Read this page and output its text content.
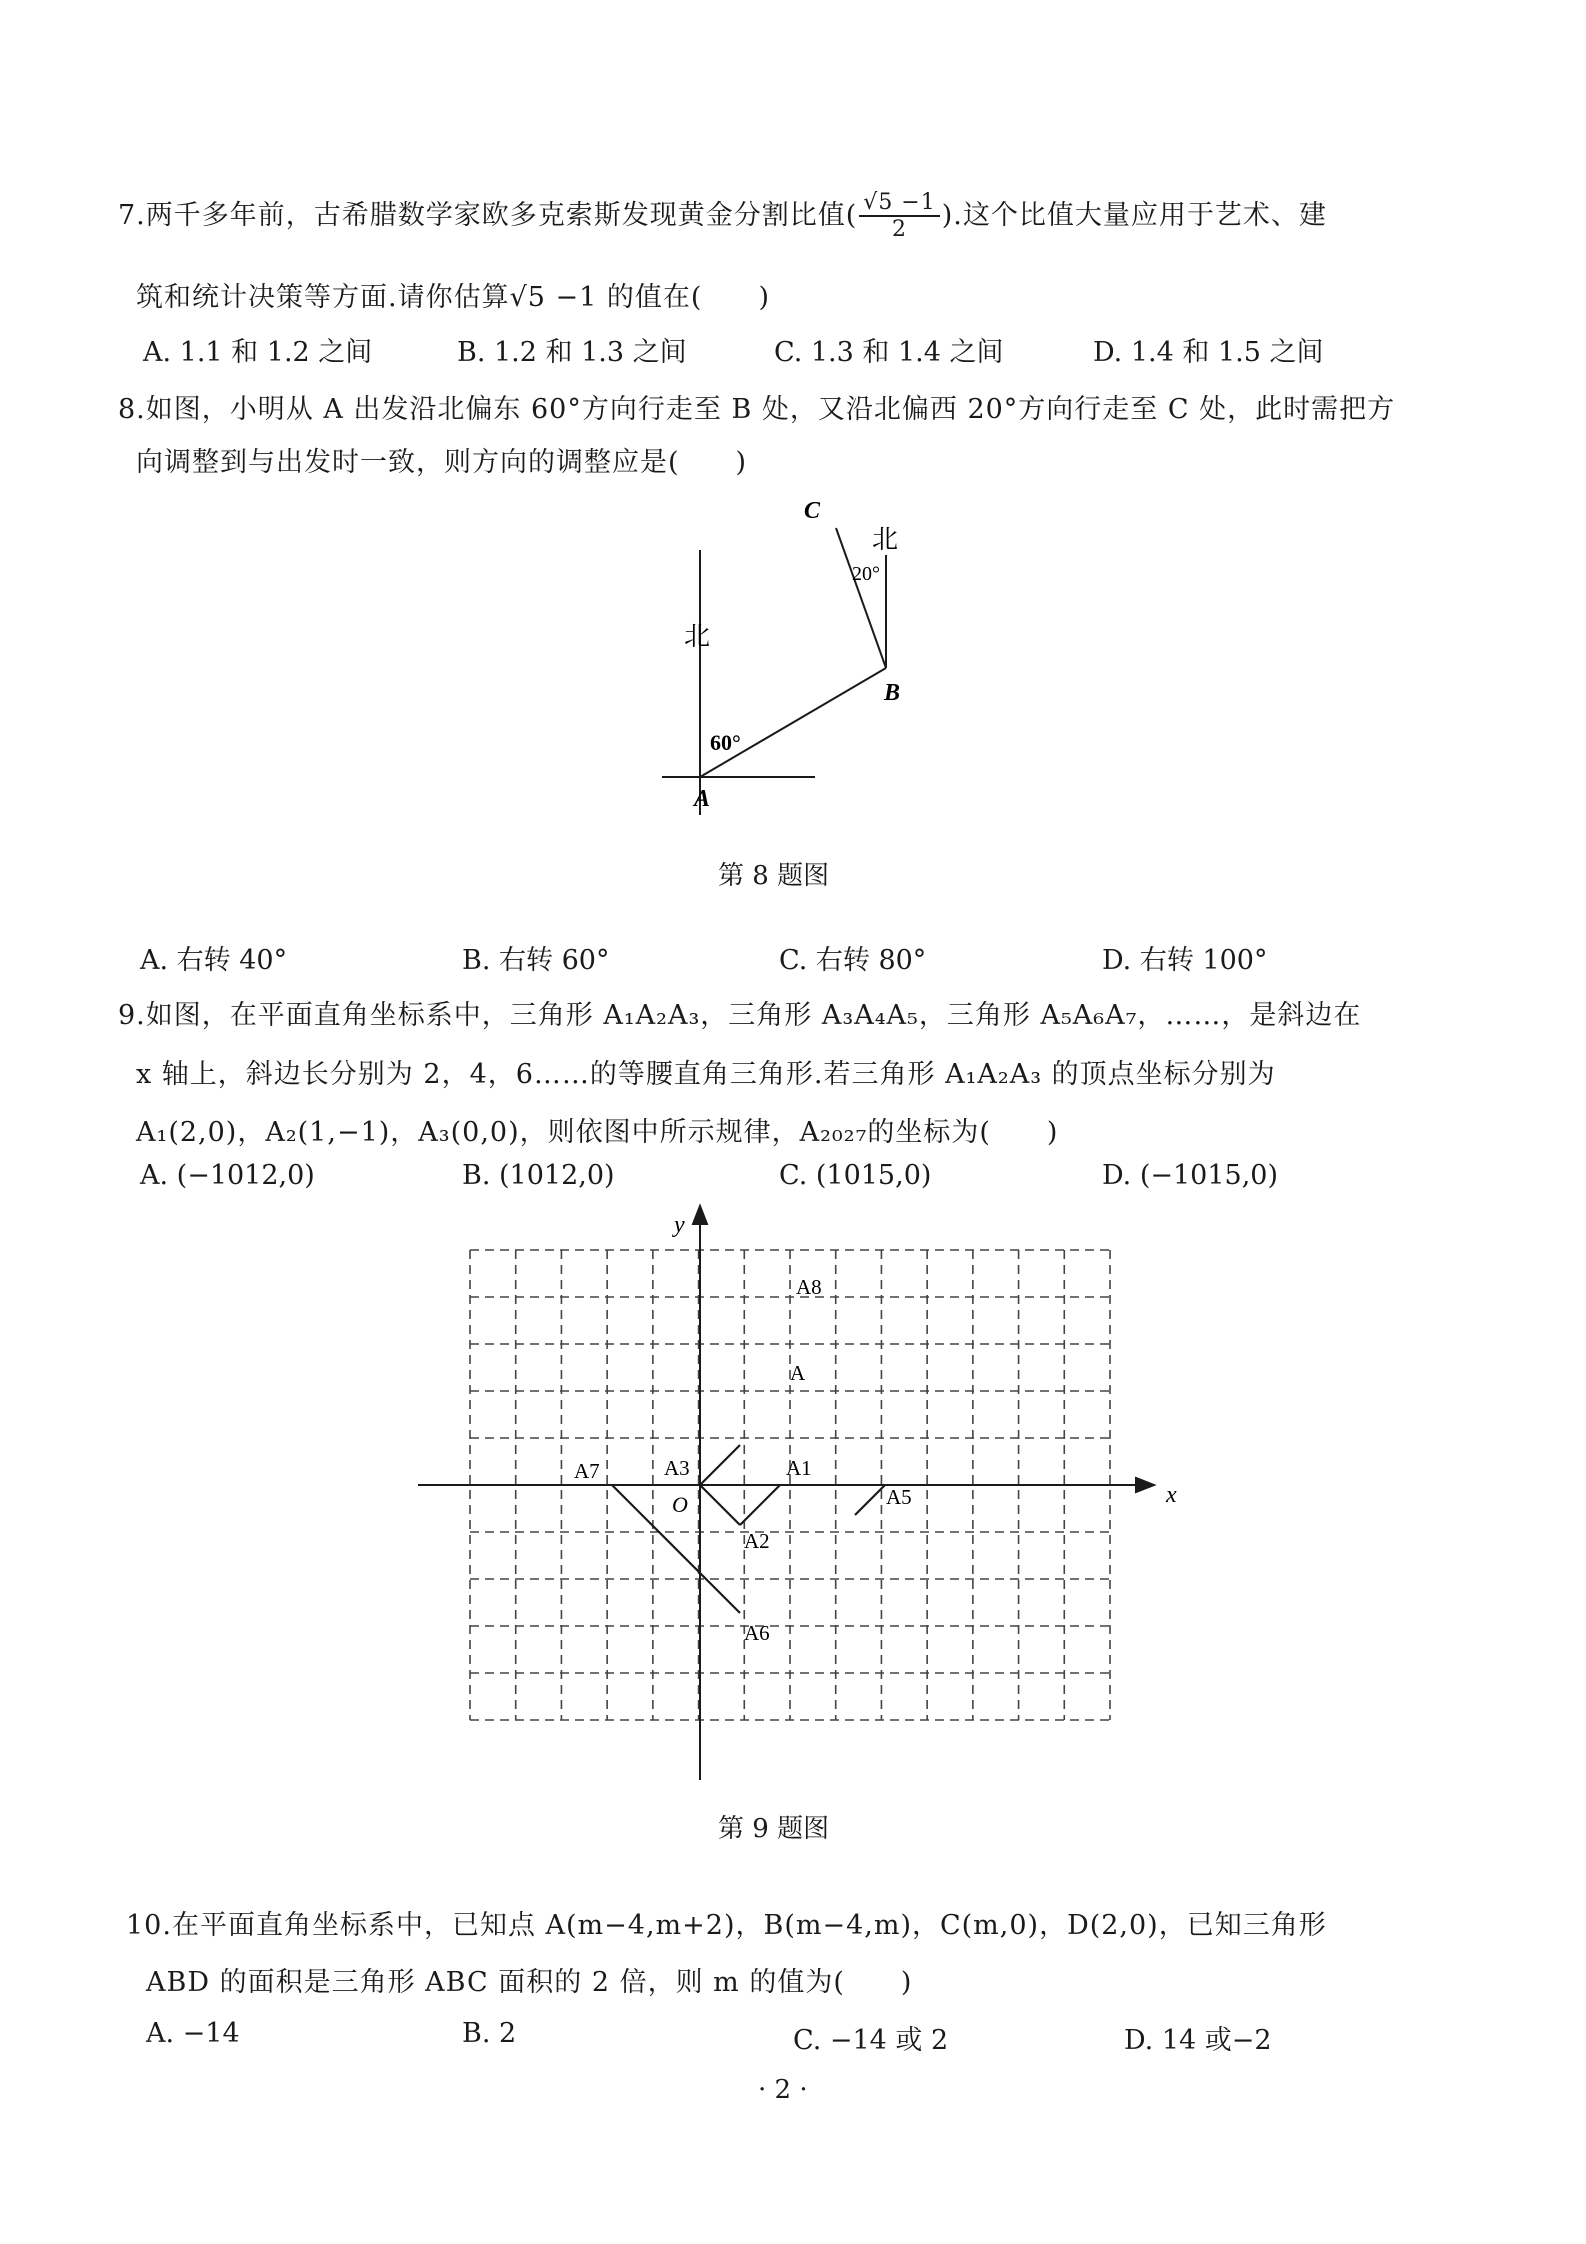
7.两千多年前，古希腊数学家欧多克索斯发现黄金分割比值( $\frac{√5 -1}{2}$ ).这个比值大量应用于艺术、建
筑和统计决策等方面.请你估算√5 −1 的值在(　　)
A. 1.1 和 1.2 之间	B. 1.2 和 1.3 之间	C. 1.3 和 1.4 之间	D. 1.4 和 1.5 之间
8.如图，小明从 A 出发沿北偏东 60°方向行走至 B 处，又沿北偏西 20°方向行走至 C 处，此时需把方
向调整到与出发时一致，则方向的调整应是(　　)
北
北
60°
20°
A
B
C
第 8 题图
A. 右转 40°	B. 右转 60°	C. 右转 80°	D. 右转 100°
9.如图，在平面直角坐标系中，三角形 A₁A₂A₃，三角形 A₃A₄A₅，三角形 A₅A₆A₇，……，是斜边在
x 轴上，斜边长分别为 2，4，6……的等腰直角三角形.若三角形 A₁A₂A₃ 的顶点坐标分别为
A₁(2,0)，A₂(1,−1)，A₃(0,0)，则依图中所示规律，A₂₀₂₇的坐标为(　　)
A. (−1012,0)	B. (1012,0)	C. (1015,0)	D. (−1015,0)
x
y
O
A1
A2
A3
A
A5
A6
A7
A8
第 9 题图
10.在平面直角坐标系中，已知点 A(m−4,m+2)，B(m−4,m)，C(m,0)，D(2,0)，已知三角形
ABD 的面积是三角形 ABC 面积的 2 倍，则 m 的值为(　　)
A. −14	B. 2	C. −14 或 2	D. 14 或−2
· 2 ·
